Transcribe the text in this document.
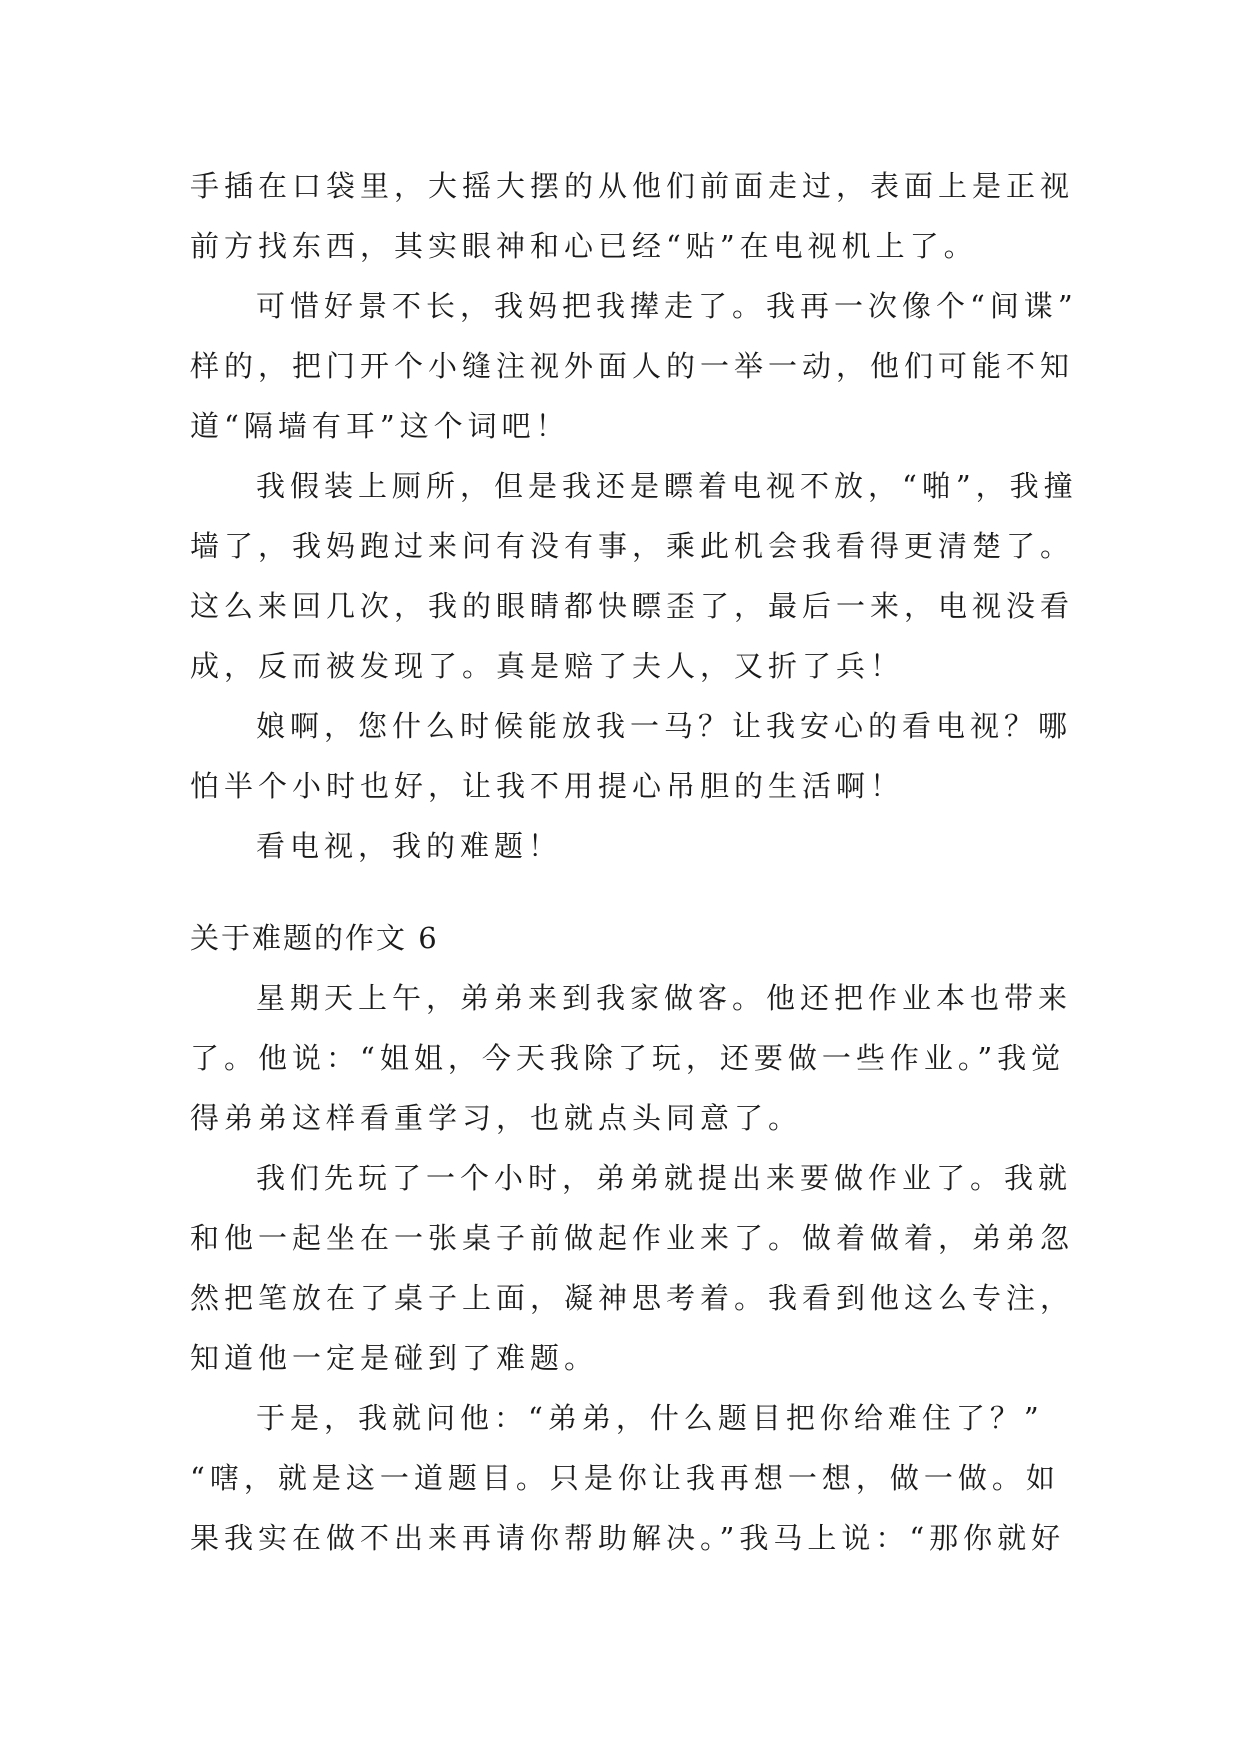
手插在口袋里，大摇大摆的从他们前面走过，表面上是正视
前方找东西，其实眼神和心已经“贴”在电视机上了。
可惜好景不长，我妈把我撵走了。我再一次像个“间谍”
样的，把门开个小缝注视外面人的一举一动，他们可能不知
道“隔墙有耳”这个词吧！
我假装上厕所，但是我还是瞟着电视不放，“啪”，我撞
墙了，我妈跑过来问有没有事，乘此机会我看得更清楚了。
这么来回几次，我的眼睛都快瞟歪了，最后一来，电视没看
成，反而被发现了。真是赔了夫人，又折了兵！
娘啊，您什么时候能放我一马？让我安心的看电视？哪
怕半个小时也好，让我不用提心吊胆的生活啊！
看电视，我的难题！
关于难题的作文 6
星期天上午，弟弟来到我家做客。他还把作业本也带来
了。他说：“姐姐，今天我除了玩，还要做一些作业。”我觉
得弟弟这样看重学习，也就点头同意了。
我们先玩了一个小时，弟弟就提出来要做作业了。我就
和他一起坐在一张桌子前做起作业来了。做着做着，弟弟忽
然把笔放在了桌子上面，凝神思考着。我看到他这么专注，
知道他一定是碰到了难题。
于是，我就问他：“弟弟，什么题目把你给难住了？”
“嗐，就是这一道题目。只是你让我再想一想，做一做。如
果我实在做不出来再请你帮助解决。”我马上说：“那你就好
